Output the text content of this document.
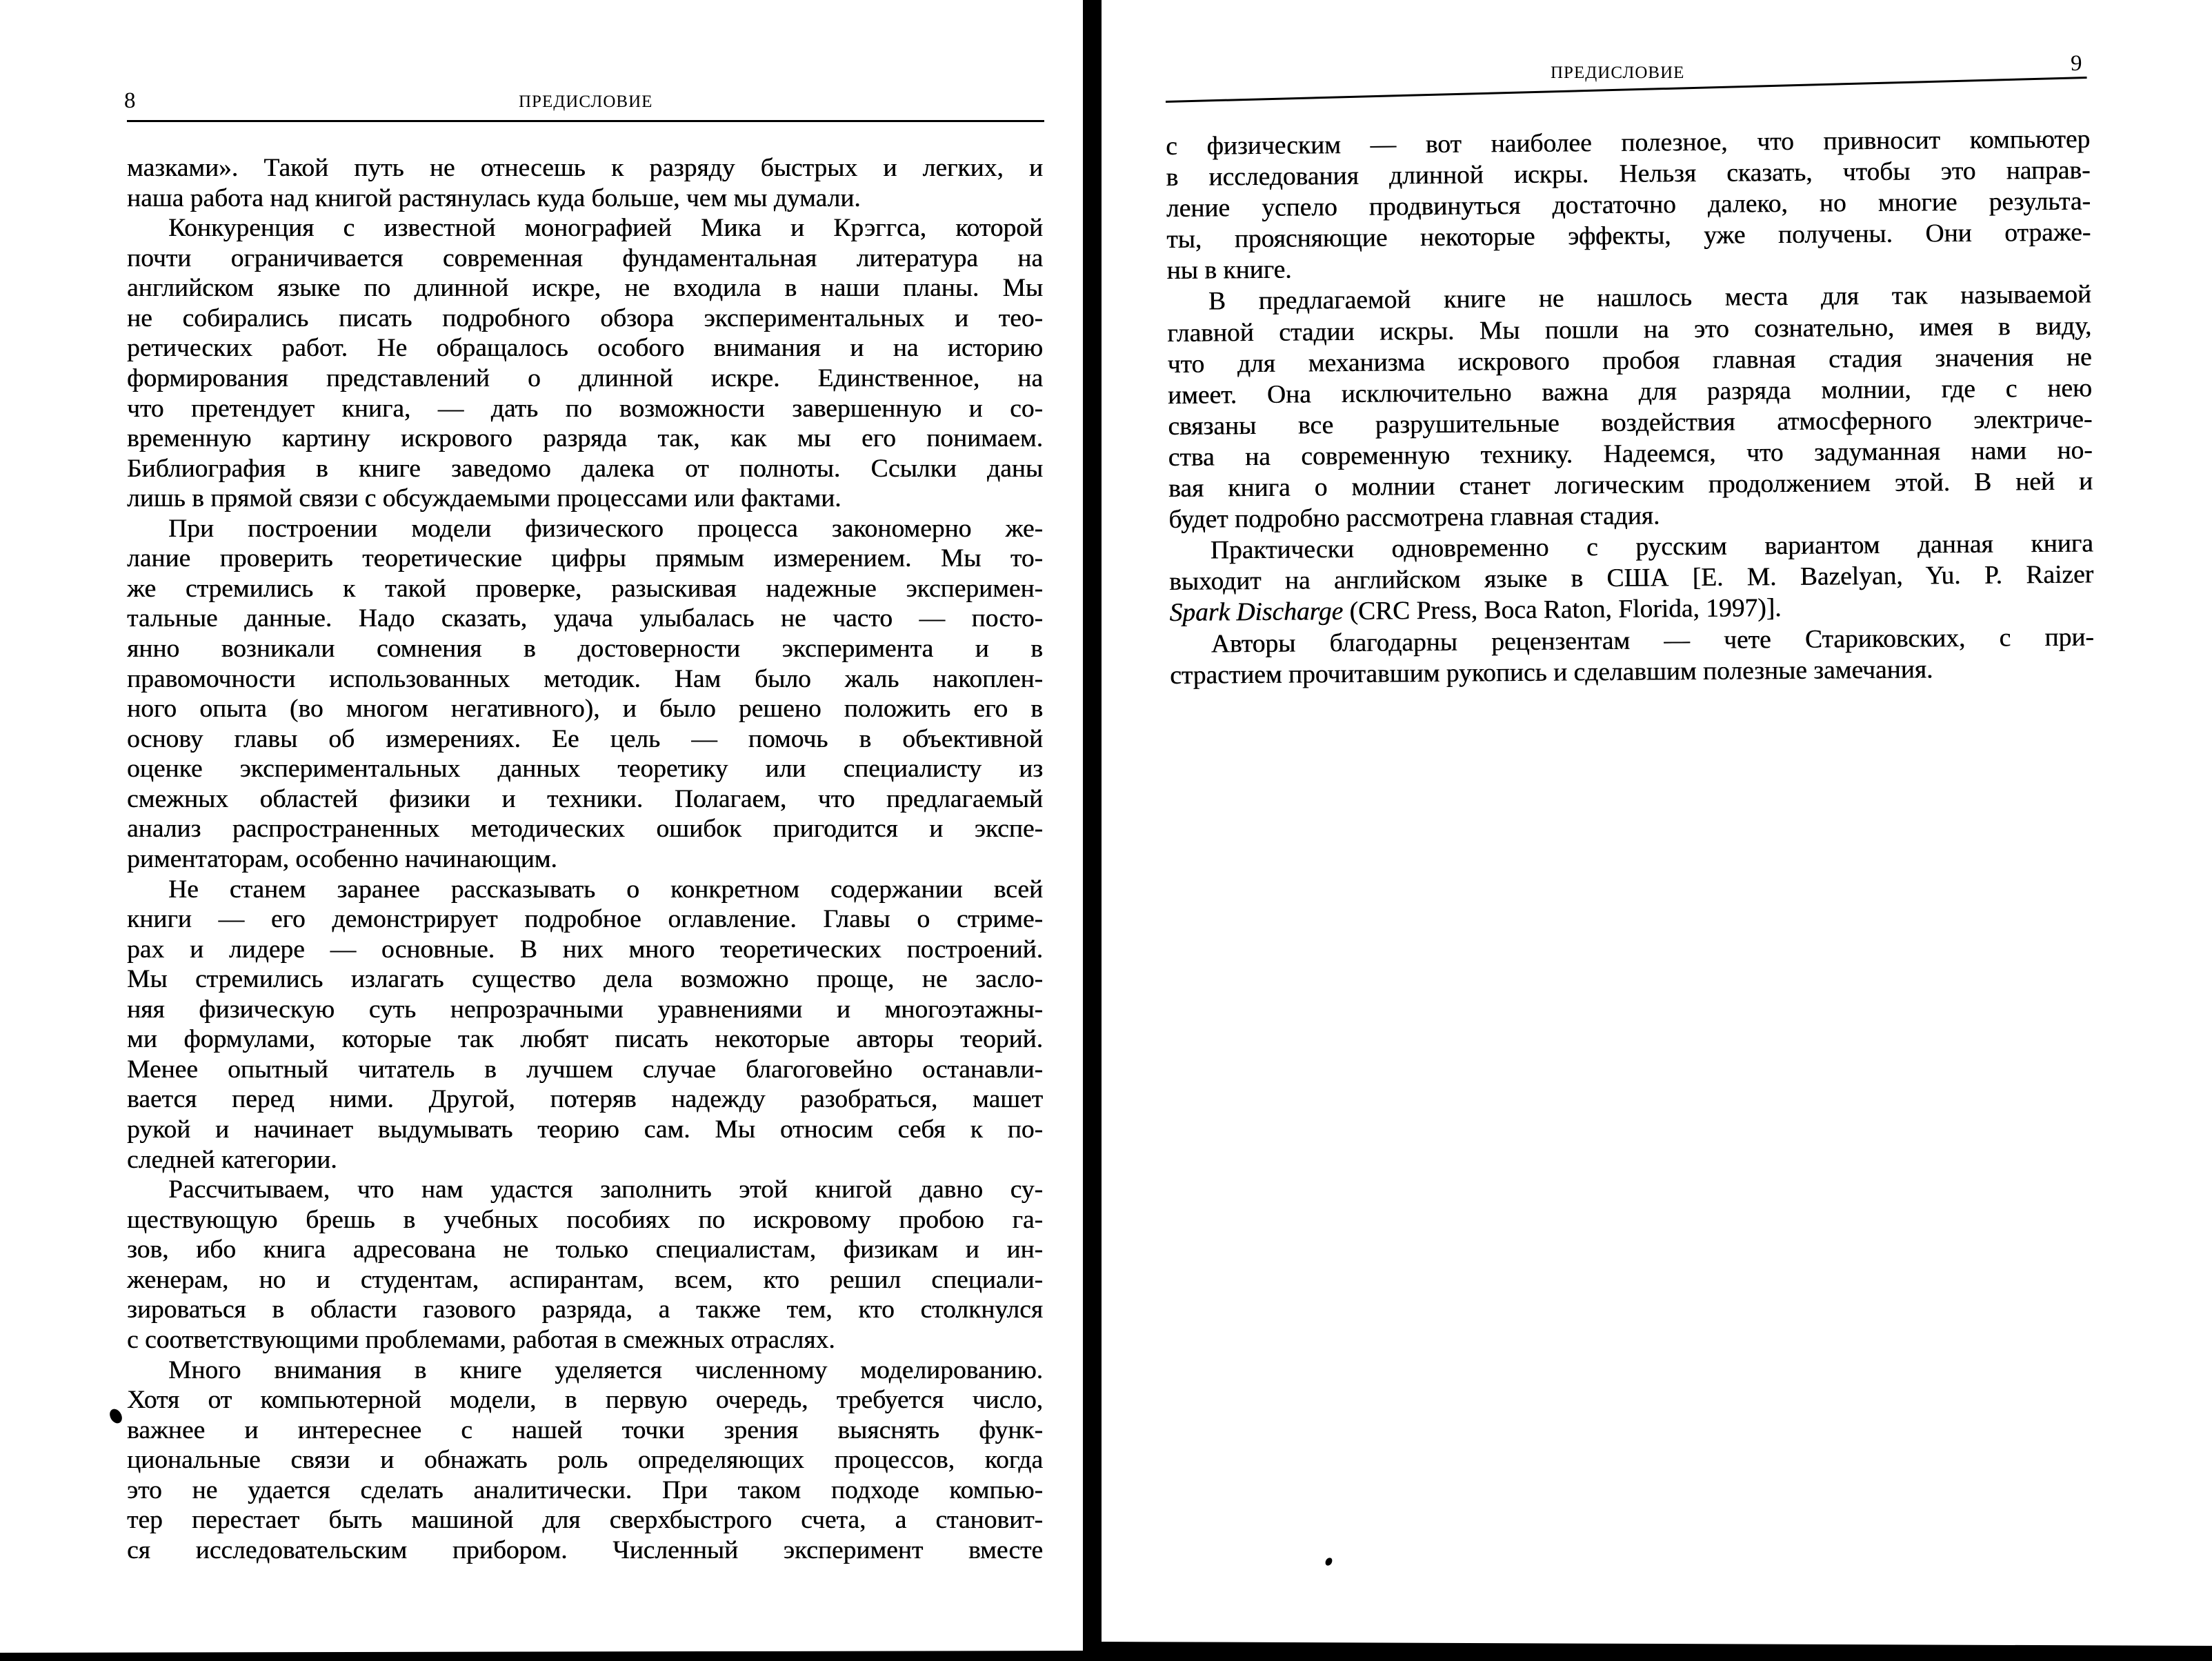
8	ПРЕДИСЛОВИЕ
мазками». Такой путь не отнесешь к разряду быстрых и легких, и
наша работа над книгой растянулась куда больше, чем мы думали.
Конкуренция с известной монографией Мика и Крэггса, которой
почти ограничивается современная фундаментальная литература на
английском языке по длинной искре, не входила в наши планы. Мы
не собирались писать подробного обзора экспериментальных и тео-
ретических работ. Не обращалось особого внимания и на историю
формирования представлений о длинной искре. Единственное, на
что претендует книга, — дать по возможности завершенную и со-
временную картину искрового разряда так, как мы его понимаем.
Библиография в книге заведомо далека от полноты. Ссылки даны
лишь в прямой связи с обсуждаемыми процессами или фактами.
При построении модели физического процесса закономерно же-
лание проверить теоретические цифры прямым измерением. Мы то-
же стремились к такой проверке, разыскивая надежные эксперимен-
тальные данные. Надо сказать, удача улыбалась не часто — посто-
янно возникали сомнения в достоверности эксперимента и в
правомочности использованных методик. Нам было жаль накоплен-
ного опыта (во многом негативного), и было решено положить его в
основу главы об измерениях. Ее цель — помочь в объективной
оценке экспериментальных данных теоретику или специалисту из
смежных областей физики и техники. Полагаем, что предлагаемый
анализ распространенных методических ошибок пригодится и экспе-
риментаторам, особенно начинающим.
Не станем заранее рассказывать о конкретном содержании всей
книги — его демонстрирует подробное оглавление. Главы о стриме-
рах и лидере — основные. В них много теоретических построений.
Мы стремились излагать существо дела возможно проще, не засло-
няя физическую суть непрозрачными уравнениями и многоэтажны-
ми формулами, которые так любят писать некоторые авторы теорий.
Менее опытный читатель в лучшем случае благоговейно останавли-
вается перед ними. Другой, потеряв надежду разобраться, машет
рукой и начинает выдумывать теорию сам. Мы относим себя к по-
следней категории.
Рассчитываем, что нам удастся заполнить этой книгой давно су-
ществующую брешь в учебных пособиях по искровому пробою га-
зов, ибо книга адресована не только специалистам, физикам и ин-
женерам, но и студентам, аспирантам, всем, кто решил специали-
зироваться в области газового разряда, а также тем, кто столкнулся
с соответствующими проблемами, работая в смежных отраслях.
Много внимания в книге уделяется численному моделированию.
Хотя от компьютерной модели, в первую очередь, требуется число,
важнее и интереснее с нашей точки зрения выяснять функ-
циональные связи и обнажать роль определяющих процессов, когда
это не удается сделать аналитически. При таком подходе компью-
тер перестает быть машиной для сверхбыстрого счета, а становит-
ся исследовательским прибором. Численный эксперимент вместе
ПРЕДИСЛОВИЕ	9
с физическим — вот наиболее полезное, что привносит компьютер
в исследования длинной искры. Нельзя сказать, чтобы это направ-
ление успело продвинуться достаточно далеко, но многие результа-
ты, проясняющие некоторые эффекты, уже получены. Они отраже-
ны в книге.
В предлагаемой книге не нашлось места для так называемой
главной стадии искры. Мы пошли на это сознательно, имея в виду,
что для механизма искрового пробоя главная стадия значения не
имеет. Она исключительно важна для разряда молнии, где с нею
связаны все разрушительные воздействия атмосферного электриче-
ства на современную технику. Надеемся, что задуманная нами но-
вая книга о молнии станет логическим продолжением этой. В ней и
будет подробно рассмотрена главная стадия.
Практически одновременно с русским вариантом данная книга
выходит на английском языке в США [E. M. Bazelyan, Yu. P. Raizer
Spark Discharge (CRC Press, Boca Raton, Florida, 1997)].
Авторы благодарны рецензентам — чете Стариковских, с при-
страстием прочитавшим рукопись и сделавшим полезные замечания.
